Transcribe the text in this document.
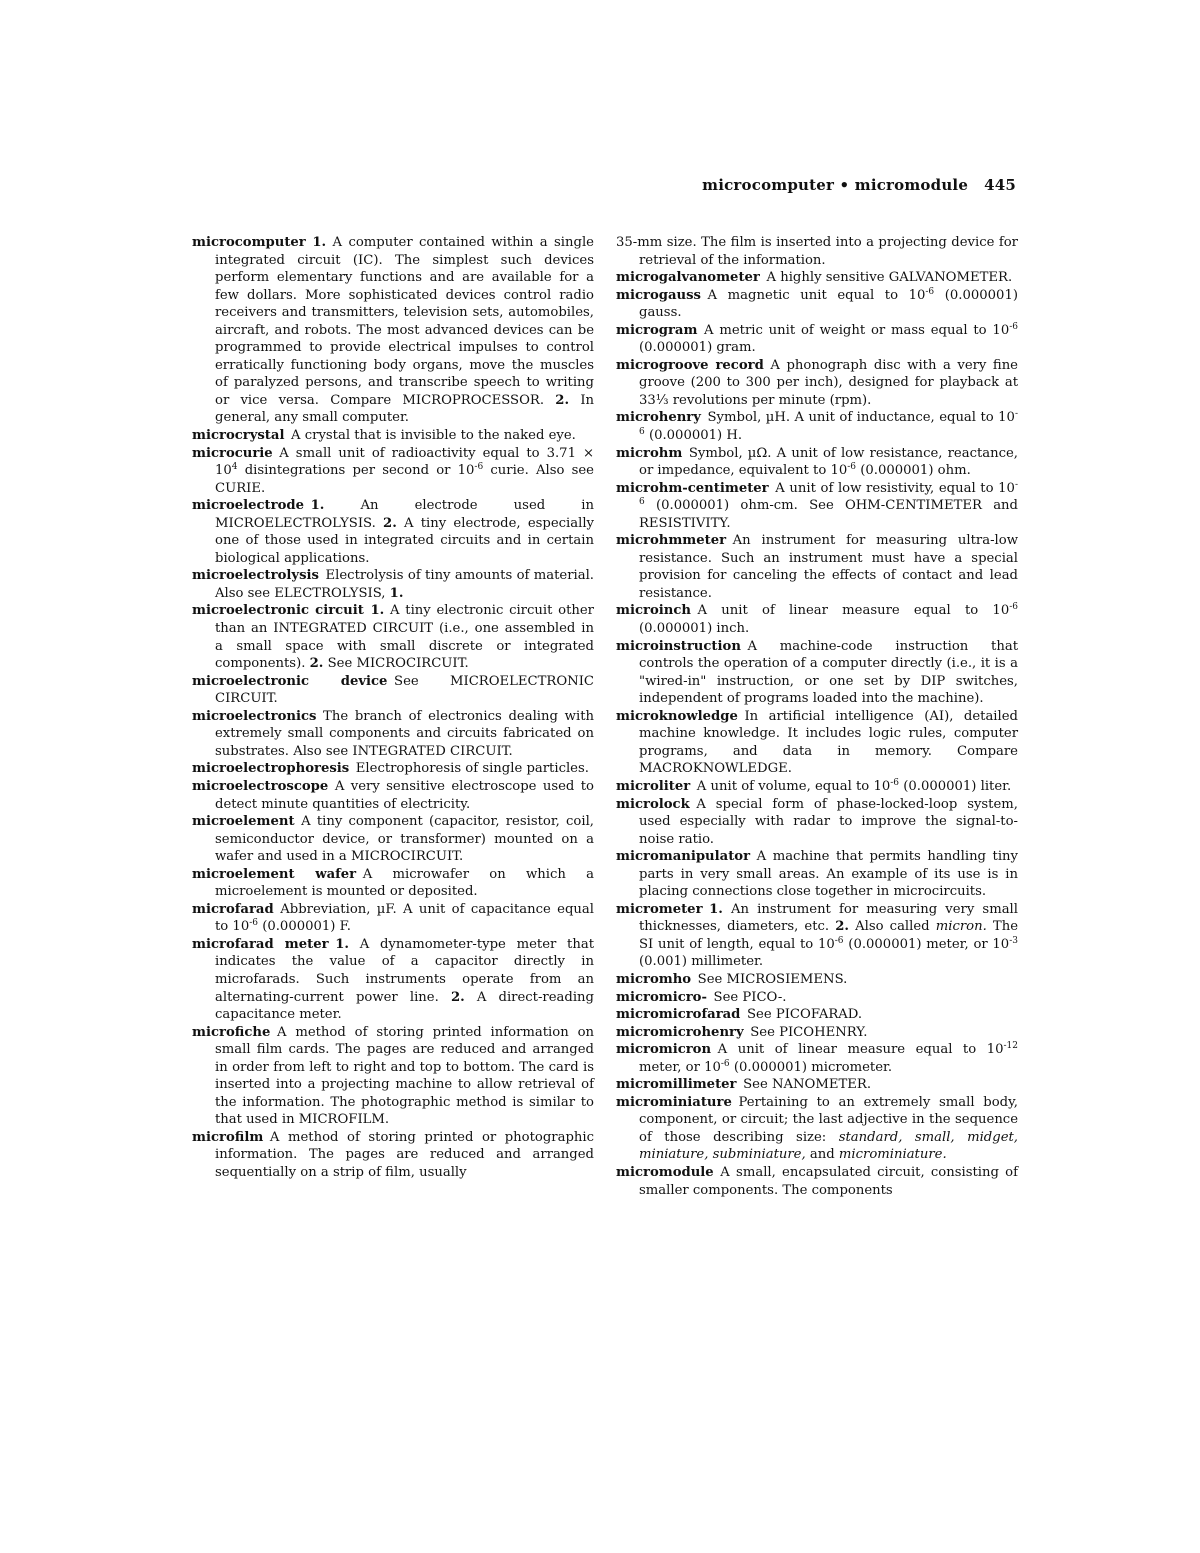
microcomputer • micromodule 445

microcomputer  1. A computer contained within a single integrated circuit (IC). The simplest such devices perform elementary functions and are available for a few dollars. More sophisticated devices control radio receivers and transmitters, television sets, automobiles, aircraft, and robots. The most advanced devices can be programmed to provide electrical impulses to control erratically functioning body organs, move the muscles of paralyzed persons, and transcribe speech to writing or vice versa. Compare MICROPROCESSOR. 2. In general, any small computer.

microcrystal  A crystal that is invisible to the naked eye.

microcurie  A small unit of radioactivity equal to $3.71 \times 10^4$ disintegrations per second or $10^{-6}$ curie. Also see CURIE.

microelectrode  1.	An electrode used in MICROELECTROLYSIS. 2. A tiny electrode, especially one of those used in integrated circuits and in certain biological applications.

microelectrolysis  Electrolysis of tiny amounts of material. Also see ELECTROLYSIS, 1.

microelectronic circuit  1. A tiny electronic circuit other than an INTEGRATED CIRCUIT (i.e., one assembled in a small space with small discrete or integrated components). 2. See MICROCIRCUIT.

microelectronic device  See MICROELECTRONIC CIRCUIT.

microelectronics  The branch of electronics dealing with extremely small components and circuits fabricated on substrates. Also see INTEGRATED CIRCUIT.

microelectrophoresis  Electrophoresis of single particles.

microelectroscope  A very sensitive electroscope used to detect minute quantities of electricity.

microelement  A tiny component (capacitor, resistor, coil, semiconductor device, or transformer) mounted on a wafer and used in a MICROCIRCUIT.

microelement wafer  A microwafer on which a microelement is mounted or deposited.

microfarad  Abbreviation, µF. A unit of capacitance equal to $10^{-6}$ (0.000001) F.

microfarad meter  1. A dynamometer-type meter that indicates the value of a capacitor directly in microfarads. Such instruments operate from an alternating-current power line. 2. A direct-reading capacitance meter.

microfiche  A method of storing printed information on small film cards. The pages are reduced and arranged in order from left to right and top to bottom. The card is inserted into a projecting machine to allow retrieval of the information. The photographic method is similar to that used in MICROFILM.

microfilm  A method of storing printed or photographic information. The pages are reduced and arranged sequentially on a strip of film, usually

35-mm size. The film is inserted into a projecting device for retrieval of the information.

microgalvanometer  A highly sensitive GALVANOMETER.

microgauss  A magnetic unit equal to $10^{-6}$ (0.000001) gauss.

microgram  A metric unit of weight or mass equal to $10^{-6}$ (0.000001) gram.

microgroove record  A phonograph disc with a very fine groove (200 to 300 per inch), designed for playback at 33⅓ revolutions per minute (rpm).

microhenry  Symbol, µH. A unit of inductance, equal to $10^{-6}$ (0.000001) H.

microhm  Symbol, µΩ. A unit of low resistance, reactance, or impedance, equivalent to $10^{-6}$ (0.000001) ohm.

microhm-centimeter  A unit of low resistivity, equal to $10^{-6}$ (0.000001) ohm-cm. See OHM-CENTIMETER and RESISTIVITY.

microhmmeter  An instrument for measuring ultra-low resistance. Such an instrument must have a special provision for canceling the effects of contact and lead resistance.

microinch  A unit of linear measure equal to $10^{-6}$ (0.000001) inch.

microinstruction  A machine-code instruction that controls the operation of a computer directly (i.e., it is a "wired-in" instruction, or one set by DIP switches, independent of programs loaded into the machine).

microknowledge  In artificial intelligence (AI), detailed machine knowledge. It includes logic rules, computer programs, and data in memory. Compare MACROKNOWLEDGE.

microliter  A unit of volume, equal to $10^{-6}$ (0.000001) liter.

microlock  A special form of phase-locked-loop system, used especially with radar to improve the signal-to-noise ratio.

micromanipulator  A machine that permits handling tiny parts in very small areas. An example of its use is in placing connections close together in microcircuits.

micrometer  1. An instrument for measuring very small thicknesses, diameters, etc. 2. Also called micron. The SI unit of length, equal to $10^{-6}$ (0.000001) meter, or $10^{-3}$ (0.001) millimeter.

micromho  See MICROSIEMENS.

micromicro-  See PICO-.

micromicrofarad  See PICOFARAD.

micromicrohenry  See PICOHENRY.

micromicron  A unit of linear measure equal to $10^{-12}$ meter, or $10^{-6}$ (0.000001) micrometer.

micromillimeter  See NANOMETER.

microminiature  Pertaining to an extremely small body, component, or circuit; the last adjective in the sequence of those describing size: standard, small, midget, miniature, subminiature, and microminiature.

micromodule  A small, encapsulated circuit, consisting of smaller components. The components
